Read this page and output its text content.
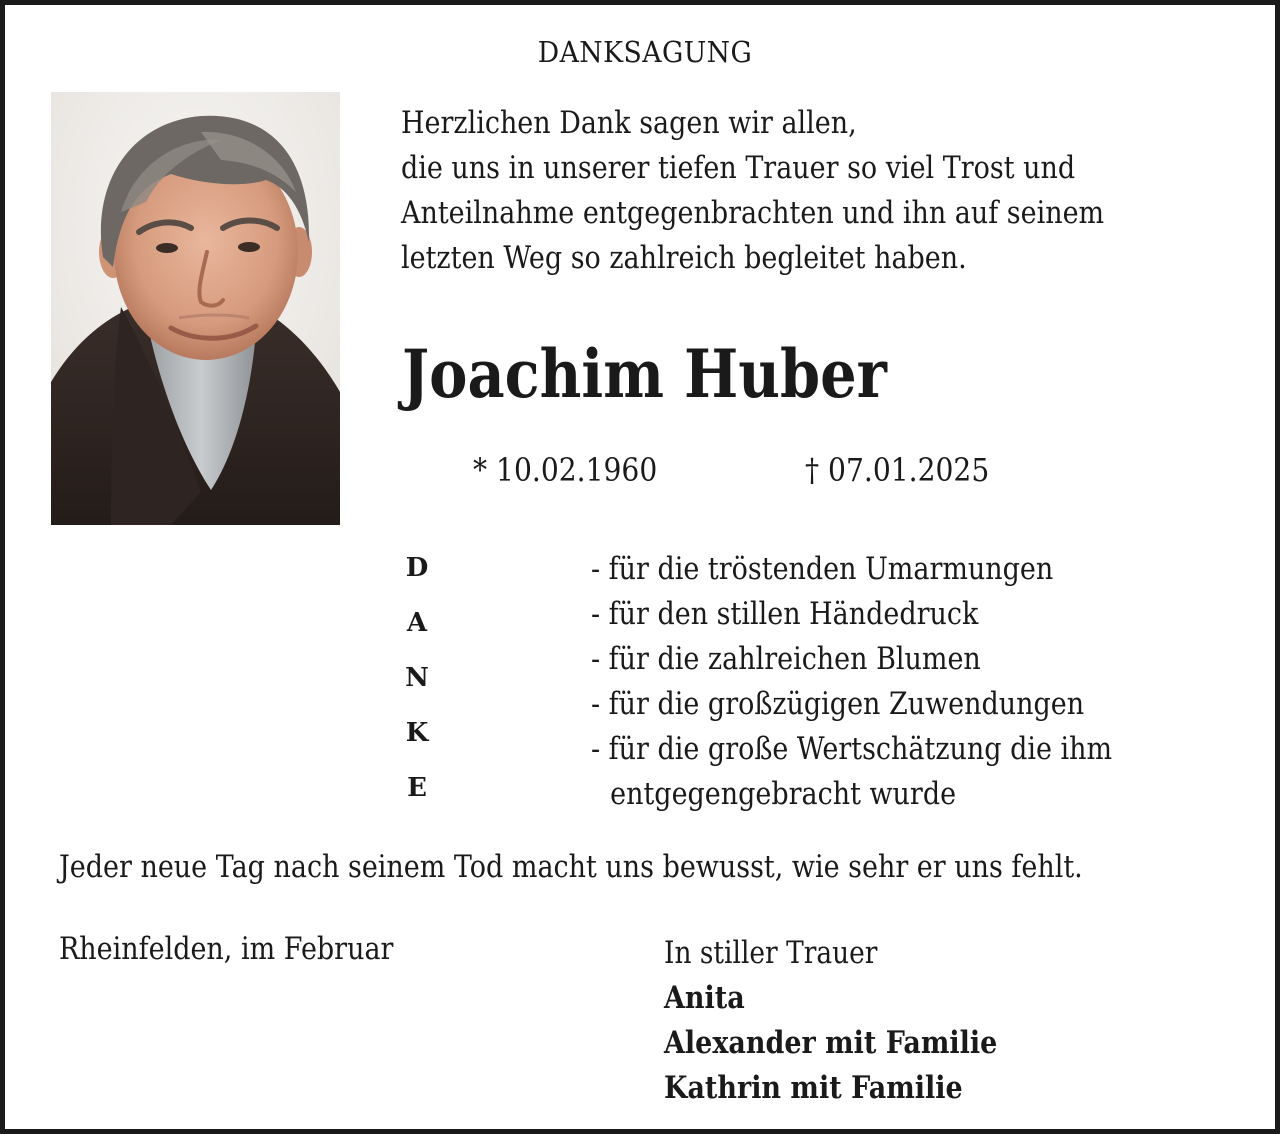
DANKSAGUNG
Herzlichen Dank sagen wir allen,
die uns in unserer tiefen Trauer so viel Trost und
Anteilnahme entgegenbrachten und ihn auf seinem
letzten Weg so zahlreich begleitet haben.
Joachim Huber
* 10.02.1960	† 07.01.2025
D
A
N
K
E
- für die tröstenden Umarmungen
- für den stillen Händedruck
- für die zahlreichen Blumen
- für die großzügigen Zuwendungen
- für die große Wertschätzung die ihm
entgegengebracht wurde
Jeder neue Tag nach seinem Tod macht uns bewusst, wie sehr er uns fehlt.
Rheinfelden, im Februar	In stiller Trauer
Anita
Alexander mit Familie
Kathrin mit Familie
